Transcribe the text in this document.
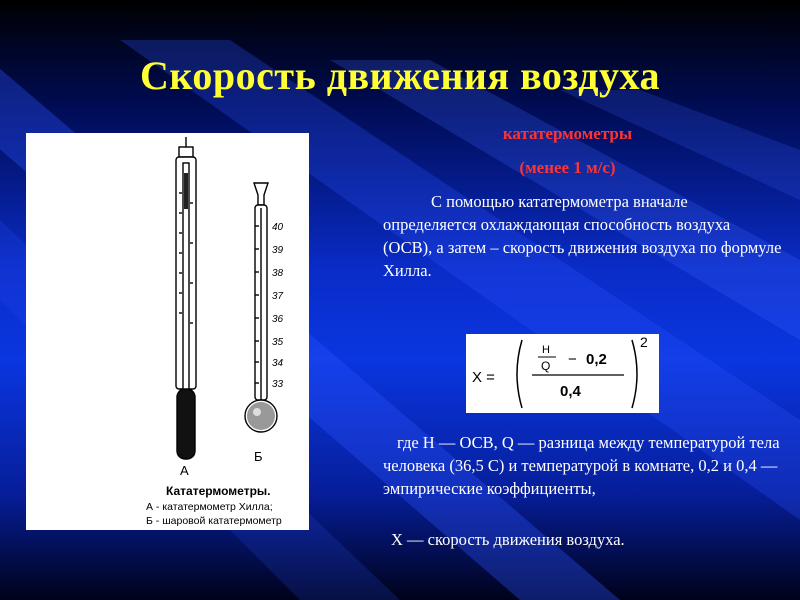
Скорость движения воздуха
40
39
38
37
36
35
34
33
А
Б
Кататермометры.
А - кататермометр Хилла;
Б - шаровой кататермометр
кататермометры
(менее 1 м/с)

С помощью кататермометра вначале определяется охлаждающая способность воздуха (ОСВ), а затем – скорость движения воздуха по формуле Хилла.

X =
H
Q − 0,2
0,4
2

где H — ОСВ, Q — разница между температурой тела человека (36,5 С) и температурой в комнате, 0,2 и 0,4 — эмпирические коэффициенты,

X — скорость движения воздуха.
